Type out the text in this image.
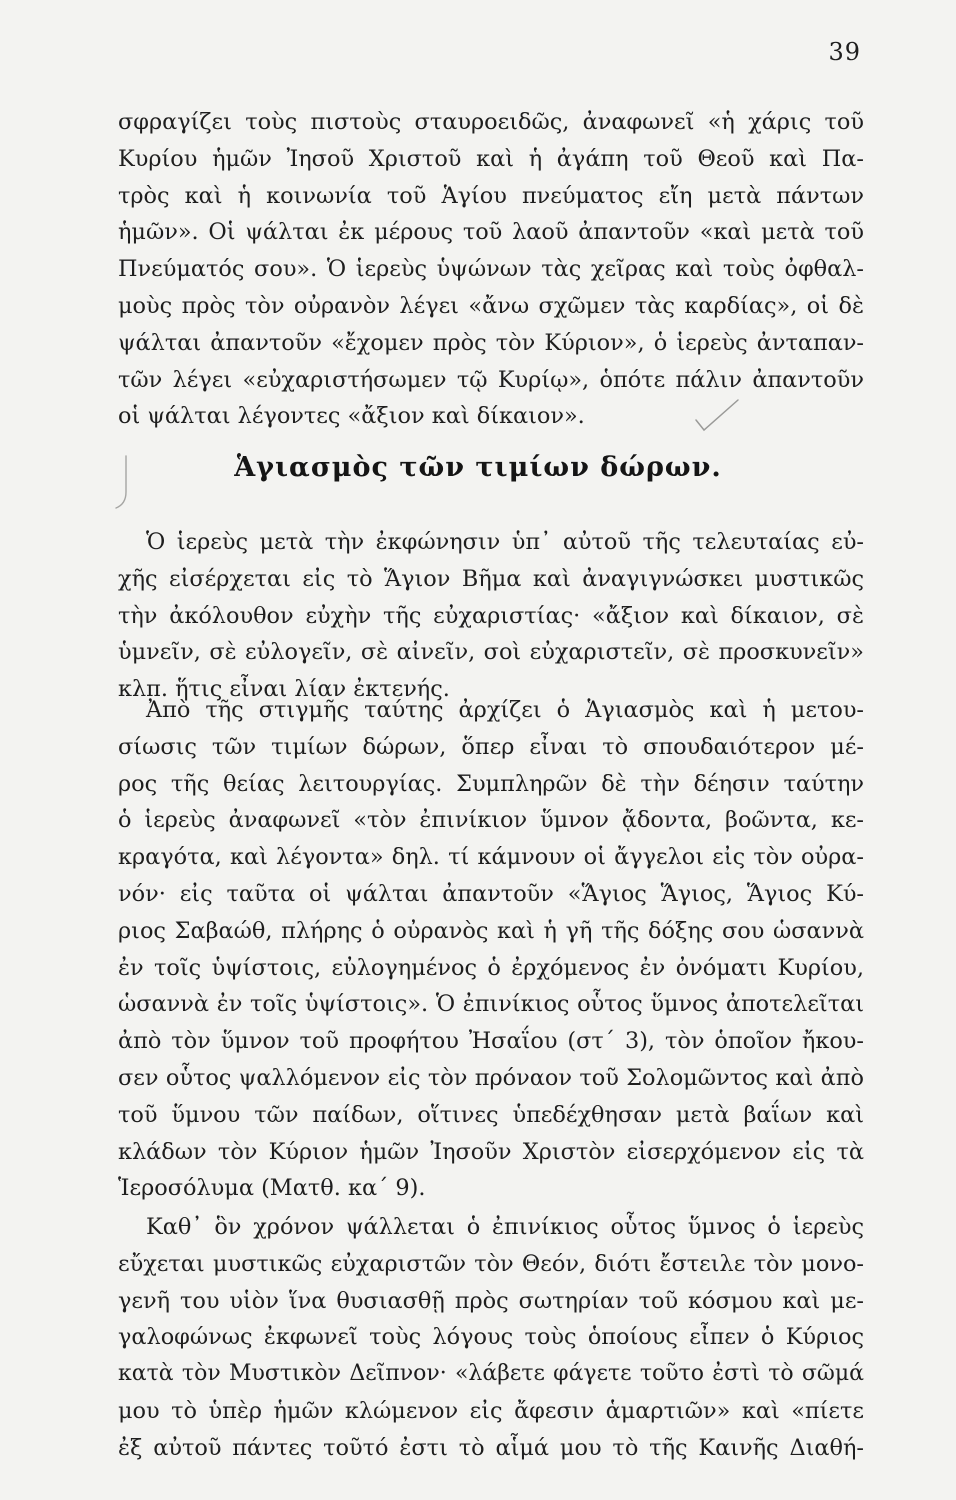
39
σφραγίζει τοὺς πιστοὺς σταυροειδῶς, ἀναφωνεῖ «ἡ χάρις τοῦ
Κυρίου ἡμῶν Ἰησοῦ Χριστοῦ καὶ ἡ ἀγάπη τοῦ Θεοῦ καὶ Πα-
τρὸς καὶ ἡ κοινωνία τοῦ Ἁγίου πνεύματος εἴη μετὰ πάντων
ἡμῶν». Οἱ ψάλται ἐκ μέρους τοῦ λαοῦ ἀπαντοῦν «καὶ μετὰ τοῦ
Πνεύματός σου». Ὁ ἱερεὺς ὑψώνων τὰς χεῖρας καὶ τοὺς ὀφθαλ-
μοὺς πρὸς τὸν οὐρανὸν λέγει «ἄνω σχῶμεν τὰς καρδίας», οἱ δὲ
ψάλται ἀπαντοῦν «ἔχομεν πρὸς τὸν Κύριον», ὁ ἱερεὺς ἀνταπαν-
τῶν λέγει «εὐχαριστήσωμεν τῷ Κυρίῳ», ὁπότε πάλιν ἀπαντοῦν
οἱ ψάλται λέγοντες «ἄξιον καὶ δίκαιον».
Ἁγιασμὸς τῶν τιμίων δώρων.
Ὁ ἱερεὺς μετὰ τὴν ἐκφώνησιν ὑπ᾿ αὐτοῦ τῆς τελευταίας εὐ-
χῆς εἰσέρχεται εἰς τὸ Ἅγιον Βῆμα καὶ ἀναγιγνώσκει μυστικῶς
τὴν ἀκόλουθον εὐχὴν τῆς εὐχαριστίας· «ἄξιον καὶ δίκαιον, σὲ
ὑμνεῖν, σὲ εὐλογεῖν, σὲ αἰνεῖν, σοὶ εὐχαριστεῖν, σὲ προσκυνεῖν»
κλπ. ἥτις εἶναι λίαν ἐκτενής.
Ἀπὸ τῆς στιγμῆς ταύτης ἀρχίζει ὁ Ἁγιασμὸς καὶ ἡ μετου-
σίωσις τῶν τιμίων δώρων, ὅπερ εἶναι τὸ σπουδαιότερον μέ-
ρος τῆς θείας λειτουργίας. Συμπληρῶν δὲ τὴν δέησιν ταύτην
ὁ ἱερεὺς ἀναφωνεῖ «τὸν ἐπινίκιον ὕμνον ᾄδοντα, βοῶντα, κε-
κραγότα, καὶ λέγοντα» δηλ. τί κάμνουν οἱ ἄγγελοι εἰς τὸν οὐρα-
νόν· εἰς ταῦτα οἱ ψάλται ἀπαντοῦν «Ἅγιος Ἅγιος, Ἅγιος Κύ-
ριος Σαβαώθ, πλήρης ὁ οὐρανὸς καὶ ἡ γῆ τῆς δόξης σου ὡσαννὰ
ἐν τοῖς ὑψίστοις, εὐλογημένος ὁ ἐρχόμενος ἐν ὀνόματι Κυρίου,
ὡσαννὰ ἐν τοῖς ὑψίστοις». Ὁ ἐπινίκιος οὗτος ὕμνος ἀποτελεῖται
ἀπὸ τὸν ὕμνον τοῦ προφήτου Ἠσαΐου (στ´ 3), τὸν ὁποῖον ἤκου-
σεν οὗτος ψαλλόμενον εἰς τὸν πρόναον τοῦ Σολομῶντος καὶ ἀπὸ
τοῦ ὕμνου τῶν παίδων, οἵτινες ὑπεδέχθησαν μετὰ βαΐων καὶ
κλάδων τὸν Κύριον ἡμῶν Ἰησοῦν Χριστὸν εἰσερχόμενον εἰς τὰ
Ἱεροσόλυμα (Ματθ. κα´ 9).
Καθ᾿ ὃν χρόνον ψάλλεται ὁ ἐπινίκιος οὗτος ὕμνος ὁ ἱερεὺς
εὔχεται μυστικῶς εὐχαριστῶν τὸν Θεόν, διότι ἔστειλε τὸν μονο-
γενῆ του υἱὸν ἵνα θυσιασθῇ πρὸς σωτηρίαν τοῦ κόσμου καὶ με-
γαλοφώνως ἐκφωνεῖ τοὺς λόγους τοὺς ὁποίους εἶπεν ὁ Κύριος
κατὰ τὸν Μυστικὸν Δεῖπνον· «λάβετε φάγετε τοῦτο ἐστὶ τὸ σῶμά
μου τὸ ὑπὲρ ἡμῶν κλώμενον εἰς ἄφεσιν ἁμαρτιῶν» καὶ «πίετε
ἐξ αὐτοῦ πάντες τοῦτό ἐστι τὸ αἷμά μου τὸ τῆς Καινῆς Διαθή-
